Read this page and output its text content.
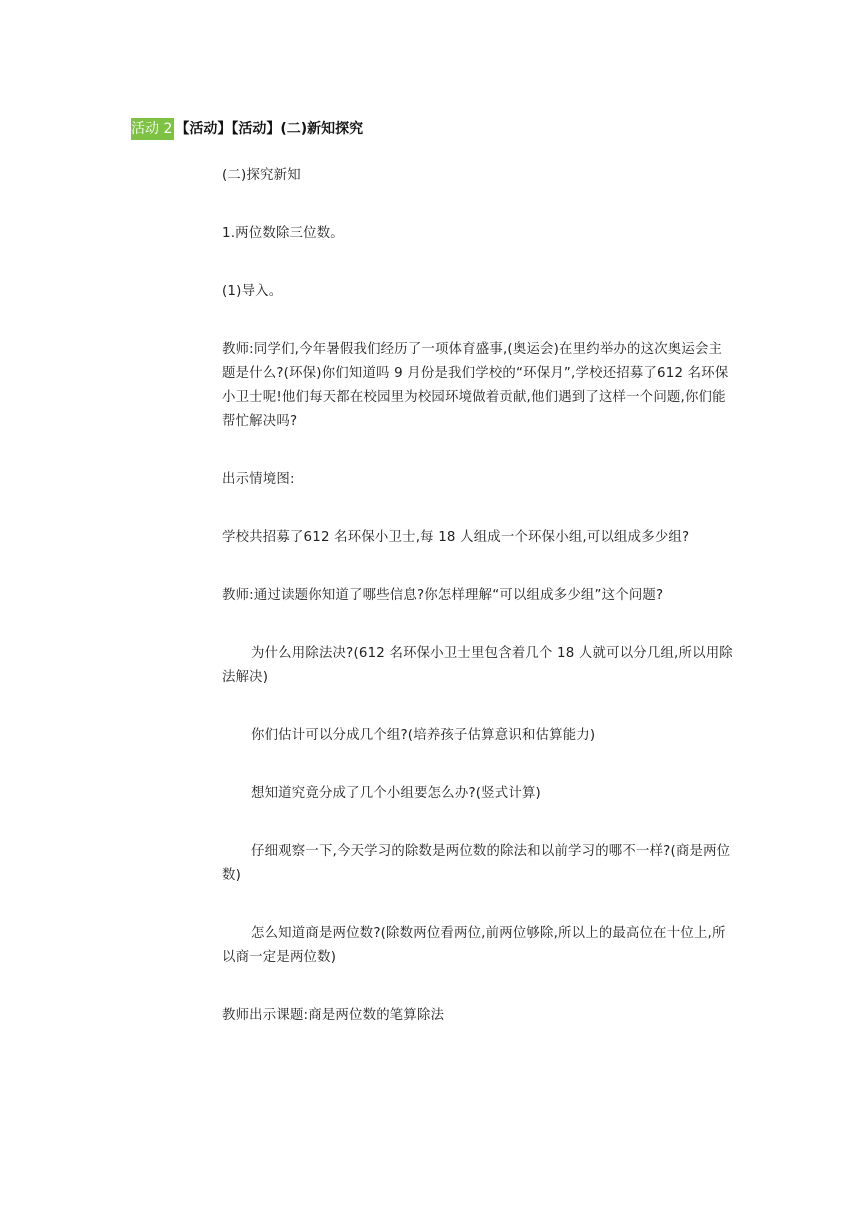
活动 2 【活动】【活动】(二)新知探究

(二)探究新知

1.两位数除三位数。

(1)导入。

教师:同学们,今年暑假我们经历了一项体育盛事,(奥运会)在里约举办的这次奥运会主题是什么?(环保)你们知道吗 9 月份是我们学校的“环保月”,学校还招募了612 名环保小卫士呢!他们每天都在校园里为校园环境做着贡献,他们遇到了这样一个问题,你们能帮忙解决吗?

出示情境图:

学校共招募了612 名环保小卫士,每 18 人组成一个环保小组,可以组成多少组?

教师:通过读题你知道了哪些信息?你怎样理解“可以组成多少组”这个问题?

为什么用除法决?(612 名环保小卫士里包含着几个 18 人就可以分几组,所以用除法解决)

你们估计可以分成几个组?(培养孩子估算意识和估算能力)

想知道究竟分成了几个小组要怎么办?(竖式计算)

仔细观察一下,今天学习的除数是两位数的除法和以前学习的哪不一样?(商是两位数)

怎么知道商是两位数?(除数两位看两位,前两位够除,所以上的最高位在十位上,所以商一定是两位数)

教师出示课题:商是两位数的笔算除法
